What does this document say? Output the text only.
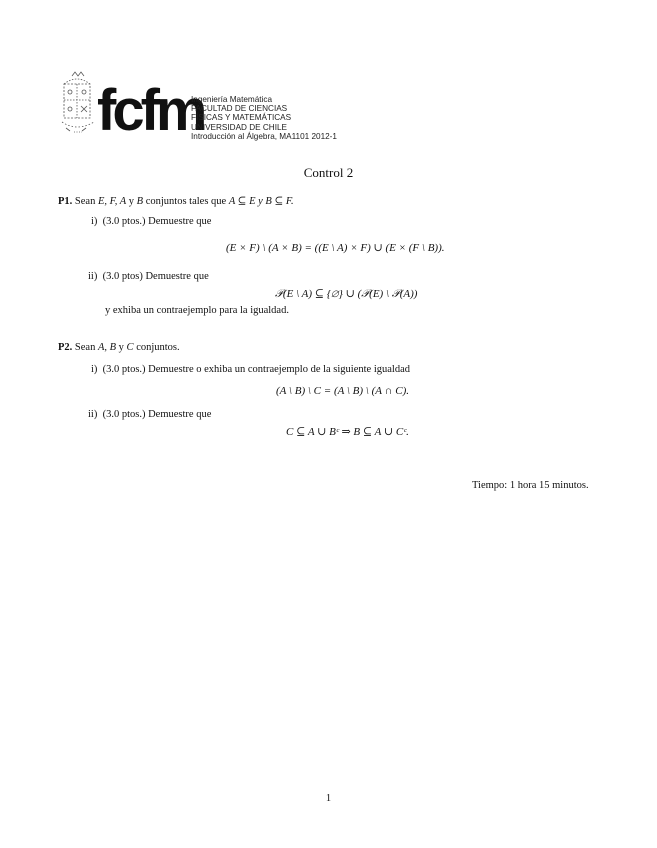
fcfm
Ingeniería Matemática
FACULTAD DE CIENCIAS
FÍSICAS Y MATEMÁTICAS
UNIVERSIDAD DE CHILE
Introducción al Álgebra, MA1101 2012-1
Control 2
P1. Sean E, F, A y B conjuntos tales que A ⊆ E y B ⊆ F.
i) (3.0 ptos.) Demuestre que
(E × F) \ (A × B) = ((E \ A) × F) ∪ (E × (F \ B)).
ii) (3.0 ptos) Demuestre que
𝒫(E \ A) ⊆ {∅} ∪ (𝒫(E) \ 𝒫(A))
y exhiba un contraejemplo para la igualdad.
P2. Sean A, B y C conjuntos.
i) (3.0 ptos.) Demuestre o exhiba un contraejemplo de la siguiente igualdad
(A \ B) \ C = (A \ B) \ (A ∩ C).
ii) (3.0 ptos.) Demuestre que
C ⊆ A ∪ Bᶜ ⇒ B ⊆ A ∪ Cᶜ.
Tiempo: 1 hora 15 minutos.
1
